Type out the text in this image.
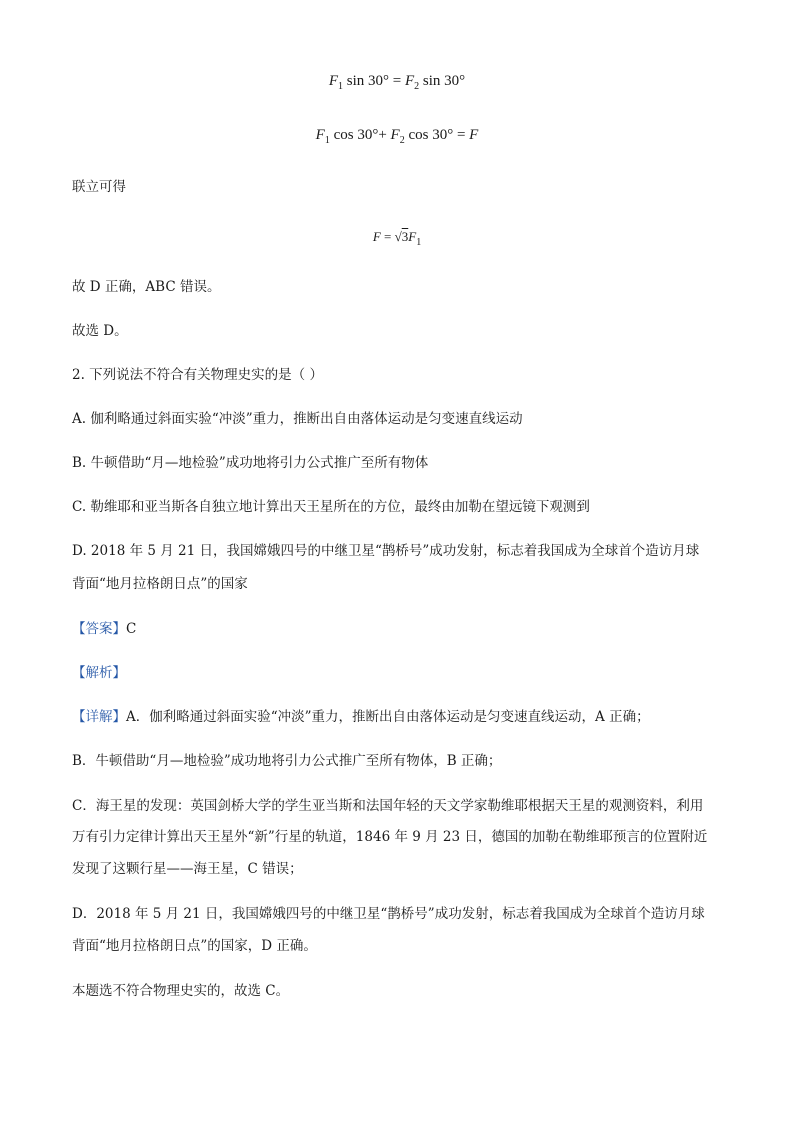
$F_1$ $\sin 30^\circ = F_2$ sin 30°
$F_1$ $\cos 30^\circ+ F_2$ cos 30° = F
联立可得
$F = √3F_1$
故 D 正确，ABC 错误。
故选 D。
2. 下列说法不符合有关物理史实的是（ ）
A. 伽利略通过斜面实验“冲淡”重力，推断出自由落体运动是匀变速直线运动
B. 牛顿借助“月—地检验”成功地将引力公式推广至所有物体
C. 勒维耶和亚当斯各自独立地计算出天王星所在的方位，最终由加勒在望远镜下观测到
D. 2018 年 5 月 21 日，我国嫦娥四号的中继卫星“鹊桥号”成功发射，标志着我国成为全球首个造访月球
背面“地月拉格朗日点”的国家
【答案】C
【解析】
【详解】A．伽利略通过斜面实验“冲淡”重力，推断出自由落体运动是匀变速直线运动，A 正确；
B．牛顿借助“月—地检验”成功地将引力公式推广至所有物体，B 正确；
C．海王星的发现：英国剑桥大学的学生亚当斯和法国年轻的天文学家勒维耶根据天王星的观测资料，利用
万有引力定律计算出天王星外“新”行星的轨道，1846 年 9 月 23 日，德国的加勒在勒维耶预言的位置附近
发现了这颗行星——海王星，C 错误；
D．2018 年 5 月 21 日，我国嫦娥四号的中继卫星“鹊桥号”成功发射，标志着我国成为全球首个造访月球
背面“地月拉格朗日点”的国家，D 正确。
本题选不符合物理史实的，故选 C。
